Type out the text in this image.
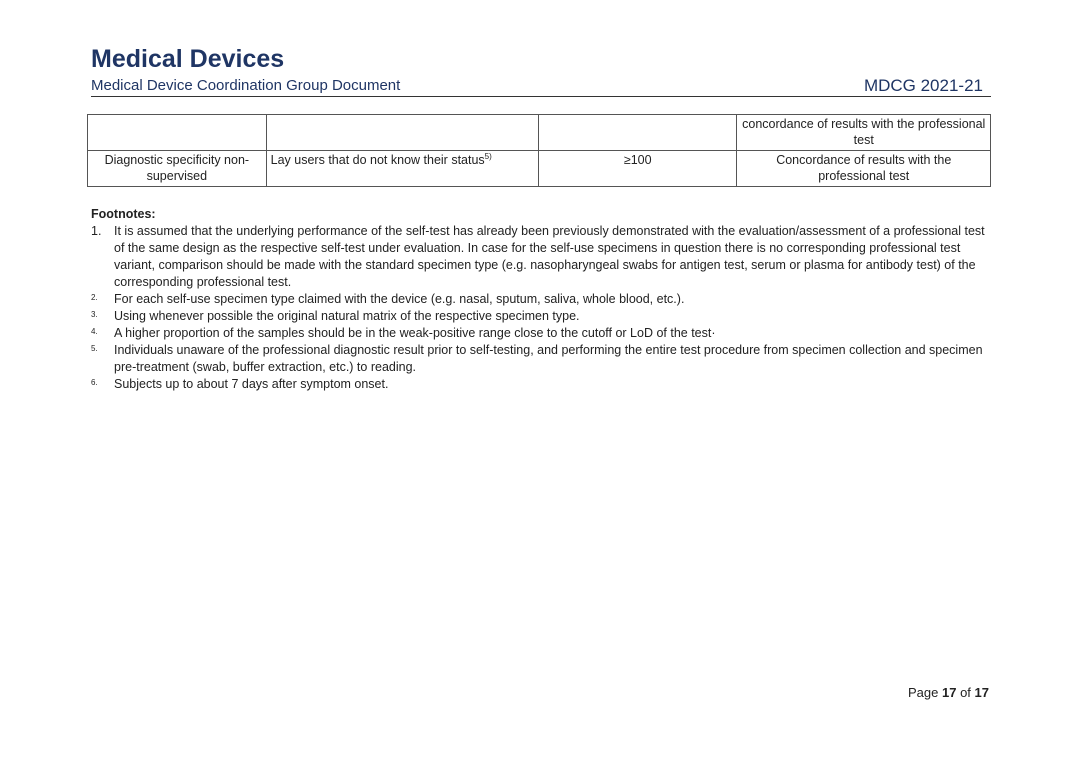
Medical Devices
Medical Device Coordination Group Document	MDCG 2021-21
			concordance of results with the professional test
Diagnostic specificity non-supervised	Lay users that do not know their status$^{5)}$	≥100	Concordance of results with the professional test
Footnotes:
1.	It is assumed that the underlying performance of the self-test has already been previously demonstrated with the evaluation/assessment of a professional test of the same design as the respective self-test under evaluation. In case for the self-use specimens in question there is no corresponding professional test variant, comparison should be made with the standard specimen type (e.g. nasopharyngeal swabs for antigen test, serum or plasma for antibody test) of the corresponding professional test.
2.	For each self-use specimen type claimed with the device (e.g. nasal, sputum, saliva, whole blood, etc.).
3.	Using whenever possible the original natural matrix of the respective specimen type.
4.	A higher proportion of the samples should be in the weak-positive range close to the cutoff or LoD of the test·
5.	Individuals unaware of the professional diagnostic result prior to self-testing, and performing the entire test procedure from specimen collection and specimen pre-treatment (swab, buffer extraction, etc.) to reading.
6.	Subjects up to about 7 days after symptom onset.
Page 17 of 17
